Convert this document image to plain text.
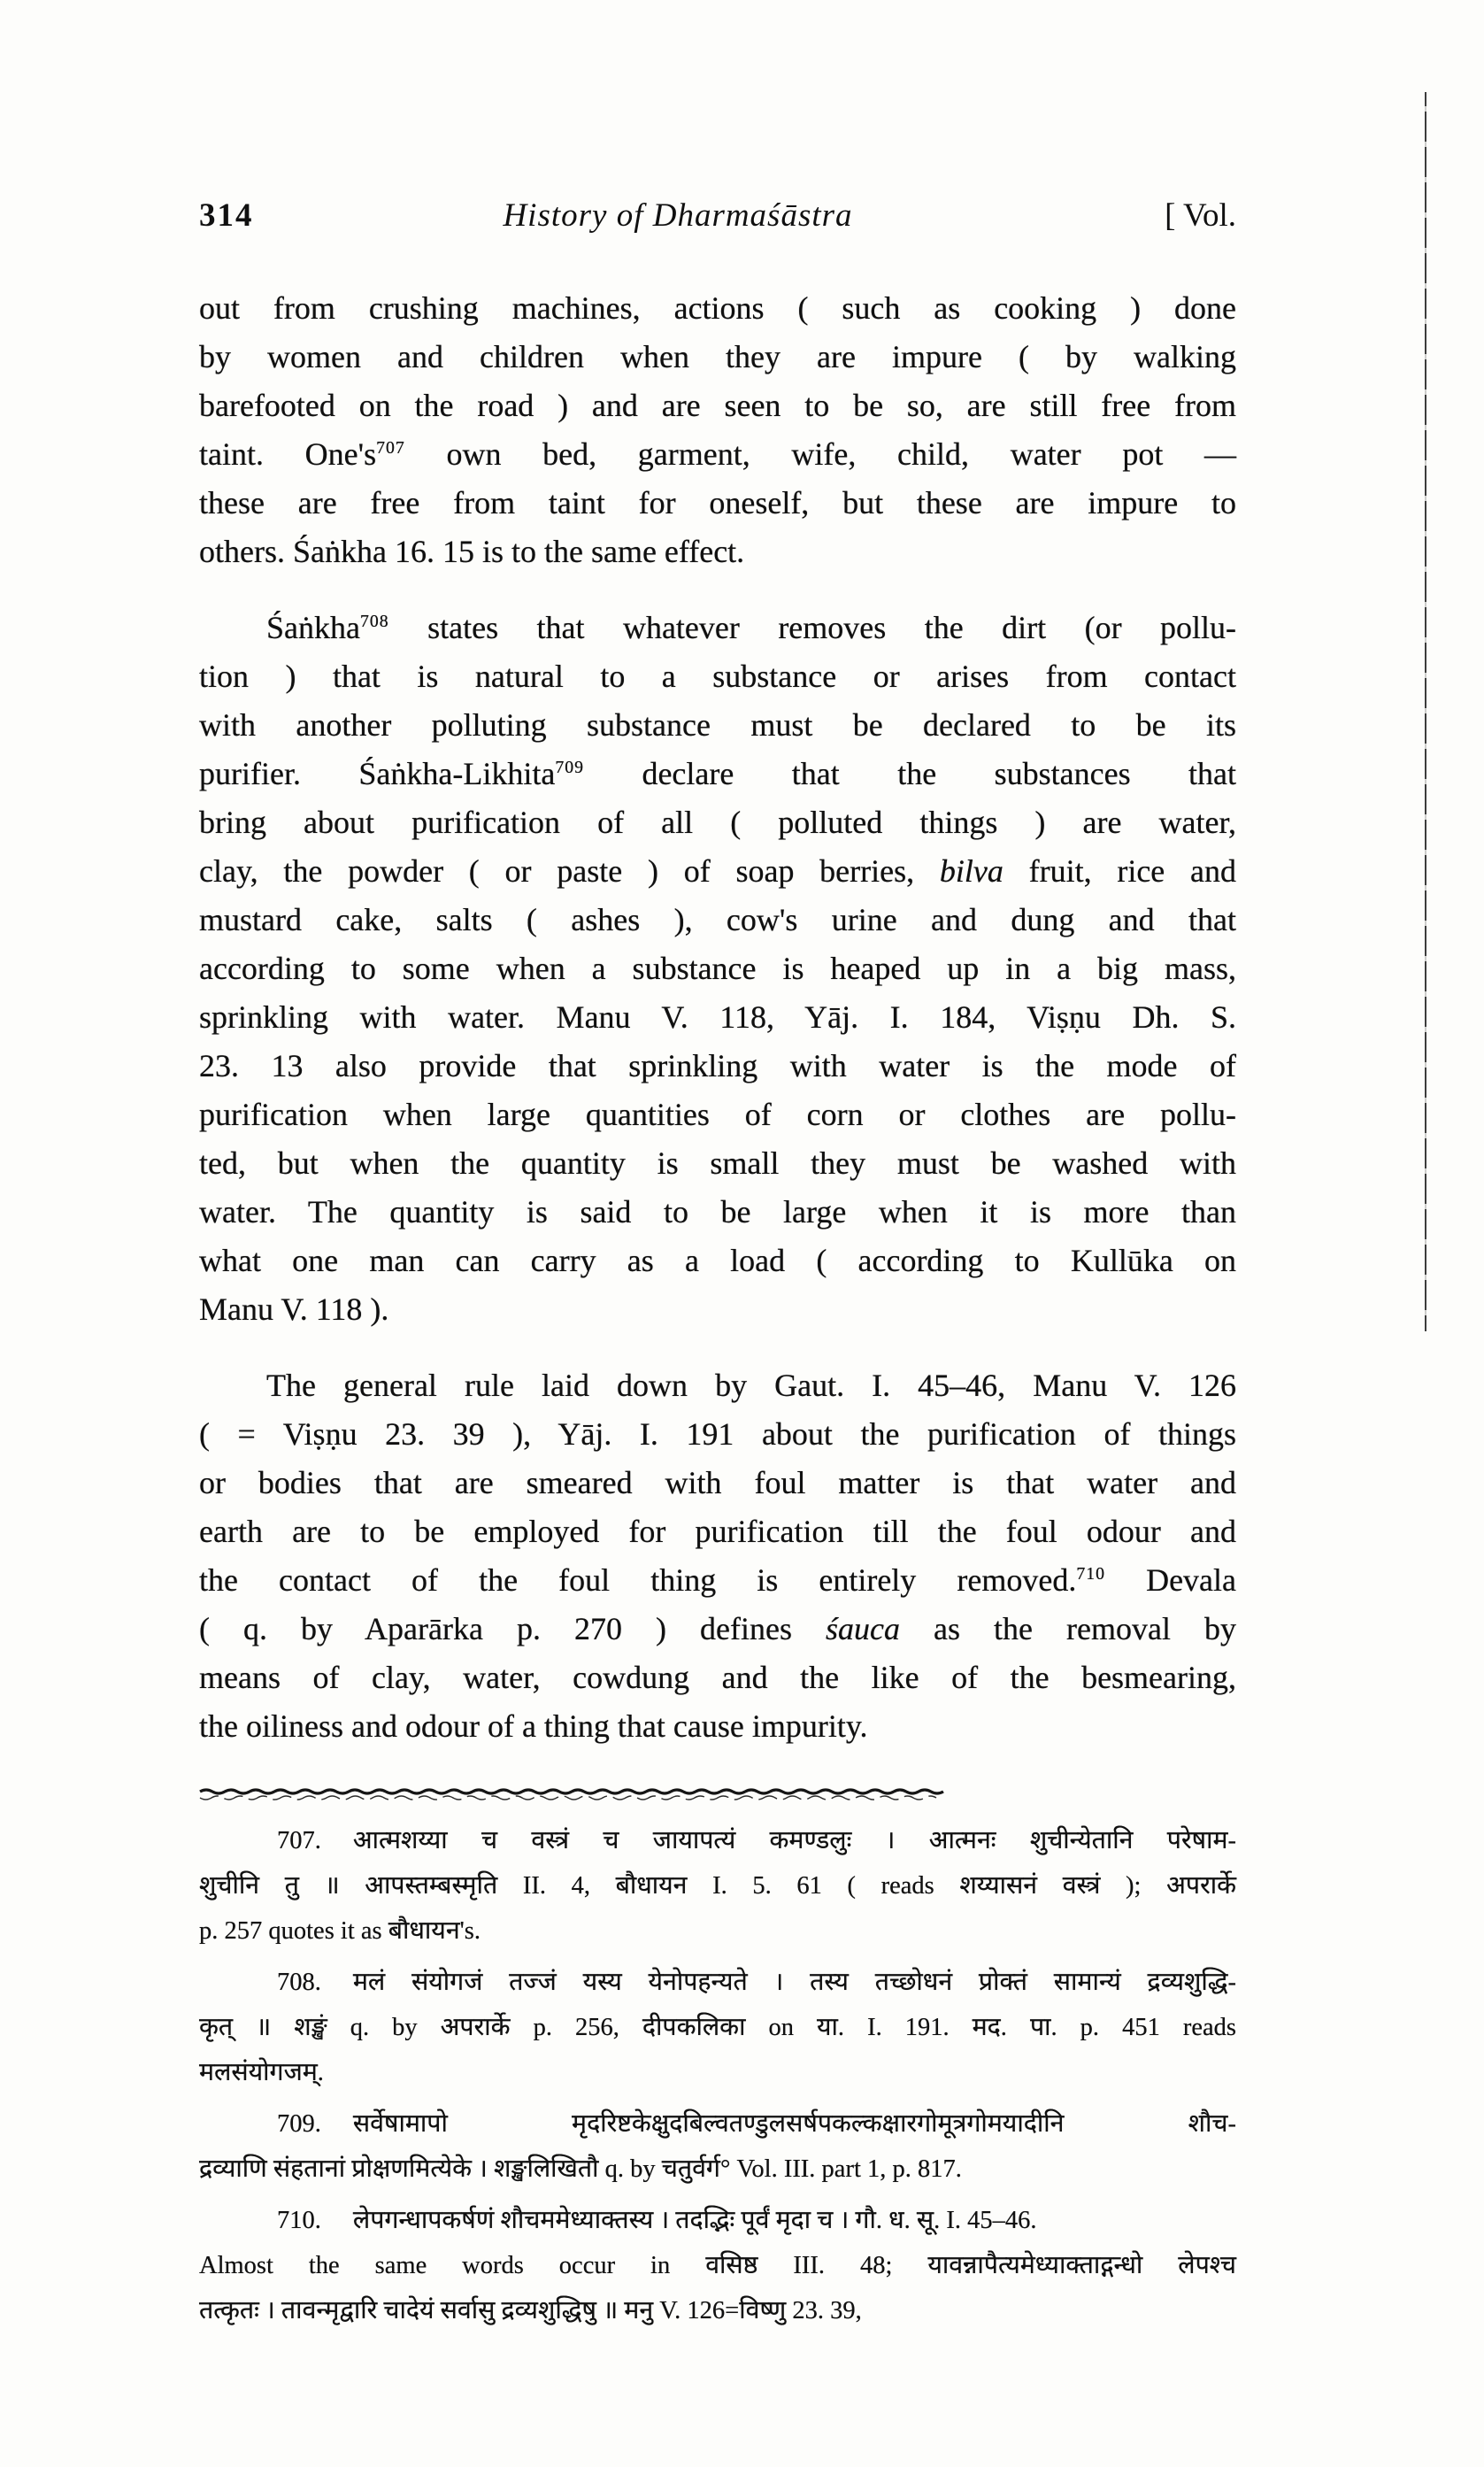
314	History of Dharmaśāstra	[ Vol.
out from crushing machines, actions ( such as cooking ) done
by women and children when they are impure ( by walking
barefooted on the road ) and are seen to be so, are still free from
taint. $One's^{707}$ own bed, garment, wife, child, water pot —
these are free from taint for oneself, but these are impure to
others. Śaṅkha 16. 15 is to the same effect.
Śaṅkha$^{708}$ states that whatever removes the dirt (or pollu-
tion ) that is natural to a substance or arises from contact
with another polluting substance must be declared to be its
purifier. Śaṅkha-Likhita$^{709}$ declare that the substances that
bring about purification of all ( polluted things ) are water,
clay, the powder ( or paste ) of soap berries, bilva fruit, rice and
mustard cake, salts ( ashes ), cow's urine and dung and that
according to some when a substance is heaped up in a big mass,
sprinkling with water. Manu V. 118, Yāj. I. 184, Viṣṇu Dh. S.
23. 13 also provide that sprinkling with water is the mode of
purification when large quantities of corn or clothes are pollu-
ted, but when the quantity is small they must be washed with
water. The quantity is said to be large when it is more than
what one man can carry as a load ( according to Kullūka on
Manu V. 118 ).
The general rule laid down by Gaut. I. 45–46, Manu V. 126
( = Viṣṇu 23. 39 ), Yāj. I. 191 about the purification of things
or bodies that are smeared with foul matter is that water and
earth are to be employed for purification till the foul odour and
the contact of the foul thing is entirely removed.$^{710}$ Devala
( q. by Aparārka p. 270 ) defines śauca as the removal by
means of clay, water, cowdung and the like of the besmearing,
the oiliness and odour of a thing that cause impurity.
707. आत्मशय्या च वस्त्रं च जायापत्यं कमण्डलुः । आत्मनः शुचीन्येतानि परेषाम-
शुचीनि तु ॥ आपस्तम्बस्मृति II. 4, बौधायन I. 5. 61 ( reads शय्यासनं वस्त्रं ); अपरार्के
p. 257 quotes it as बौधायन's.
708. मलं संयोगजं तज्जं यस्य येनोपहन्यते । तस्य तच्छोधनं प्रोक्तं सामान्यं द्रव्यशुद्धि-
कृत् ॥ शङ्खं q. by अपरार्के p. 256, दीपकलिका on या. I. 191. मद. पा. p. 451 reads
मलसंयोगजम्.
709. सर्वेषामापो मृदरिष्टकेक्षुदबिल्वतण्डुलसर्षपकल्कक्षारगोमूत्रगोमयादीनि शौच-
द्रव्याणि संहतानां प्रोक्षणमित्येके । शङ्खलिखितौ q. by चतुर्वर्ग° Vol. III. part 1, p. 817.
710. लेपगन्धापकर्षणं शौचममेध्याक्तस्य । तदद्भिः पूर्वं मृदा च । गौ. ध. सू. I. 45–46.
Almost the same words occur in वसिष्ठ III. 48; यावन्नापैत्यमेध्याक्ताद्गन्धो लेपश्च
तत्कृतः । तावन्मृद्वारि चादेयं सर्वासु द्रव्यशुद्धिषु ॥ मनु V. 126=विष्णु 23. 39,
